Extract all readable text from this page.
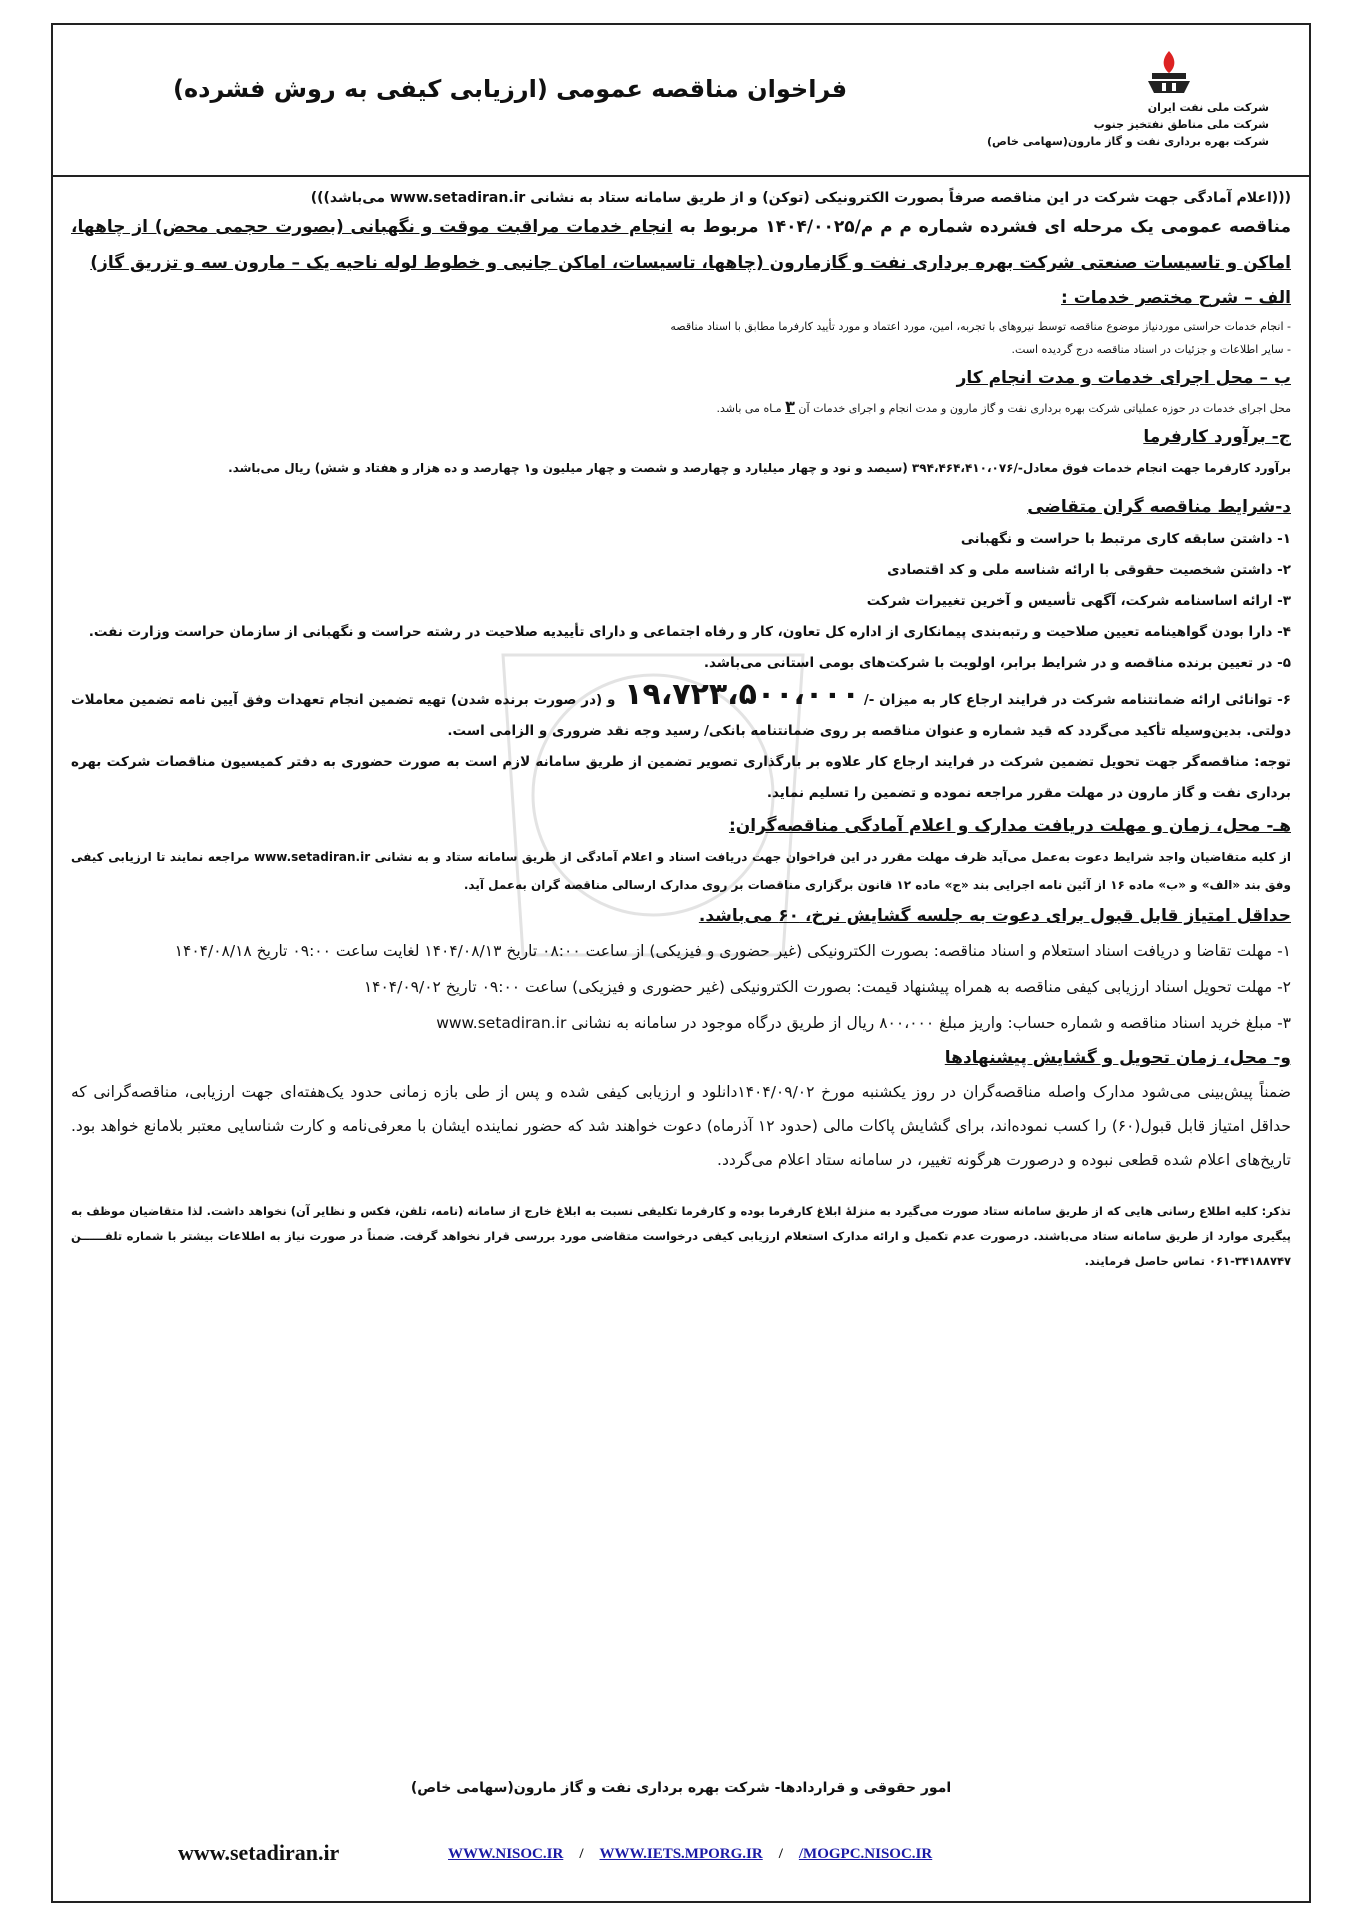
شرکت ملی نفت ایران
شرکت ملی مناطق نفتخیز جنوب
شرکت بهره برداری نفت و گاز مارون(سهامی خاص)
فراخوان مناقصه عمومی (ارزیابی کیفی به روش فشرده)

(((اعلام آمادگی جهت شرکت در این مناقصه صرفاً بصورت الکترونیکی (توکن) و از طریق سامانه ستاد به نشانی www.setadiran.ir می‌باشد)))

مناقصه عمومی یک مرحله ای فشرده شماره م م م/۱۴۰۴/۰۰۲۵ مربوط به انجام خدمات مراقبت موقت و نگهبانی (بصورت حجمی محض) از چاهها، اماکن و تاسیسات صنعتی شرکت بهره برداری نفت و گازمارون (چاهها، تاسیسات، اماکن جانبی و خطوط لوله ناحیه یک – مارون سه و تزریق گاز)

الف – شرح مختصر خدمات :

- انجام خدمات حراستی موردنیاز موضوع مناقصه توسط نیروهای با تجربه، امین، مورد اعتماد و مورد تأیید کارفرما مطابق با اسناد مناقصه

- سایر اطلاعات و جزئیات در اسناد مناقصه درج گردیده است.

ب – محل اجرای خدمات و مدت انجام کار

محل اجرای خدمات در حوزه عملیاتی شرکت بهره برداری نفت و گاز مارون و مدت انجام و اجرای خدمات آن ۳ مـاه می باشد.

ج- برآورد کارفرما

برآورد کارفرما جهت انجام خدمات فوق معادل-/۳۹۴،۴۶۴،۴۱۰،۰۷۶ (سیصد و نود و چهار میلیارد و چهارصد و شصت و چهار میلیون و۱ چهارصد و ده هزار و هفتاد و شش) ریال می‌باشد.

د-شرایط مناقصه گران متقاضی

۱- داشتن سابقه کاری مرتبط با حراست و نگهبانی

۲- داشتن شخصیت حقوقی با ارائه شناسه ملی و کد اقتصادی

۳- ارائه اساسنامه شرکت، آگهی تأسیس و آخرین تغییرات شرکت

۴- دارا بودن گواهینامه تعیین صلاحیت و رتبه‌بندی پیمانکاری از اداره کل تعاون، کار و رفاه اجتماعی و دارای تأییدیه صلاحیت در رشته حراست و نگهبانی از سازمان حراست وزارت نفت.

۵- در تعیین برنده مناقصه و در شرایط برابر، اولویت با شرکت‌های بومی استانی می‌باشد.

۶- توانائی ارائه ضمانتنامه شرکت در فرایند ارجاع کار به میزان -/۱۹،۷۲۳،۵۰۰،۰۰۰ و (در صورت برنده شدن) تهیه تضمین انجام تعهدات وفق آیین نامه تضمین معاملات دولتی. بدین‌وسیله تأکید می‌گردد که قید شماره و عنوان مناقصه بر روی ضمانتنامه بانکی/ رسید وجه نقد ضروری و الزامی است.

توجه: مناقصه‌گر جهت تحویل تضمین شرکت در فرایند ارجاع کار علاوه بر بارگذاری تصویر تضمین از طریق سامانه لازم است به صورت حضوری به دفتر کمیسیون مناقصات شرکت بهره برداری نفت و گاز مارون در مهلت مقرر مراجعه نموده و تضمین را تسلیم نماید.

هـ- محل، زمان و مهلت دریافت مدارک و اعلام آمادگی مناقصه‌گران:

از کلیه متقاضیان واجد شرایط دعوت به‌عمل می‌آید ظرف مهلت مقرر در این فراخوان جهت دریافت اسناد و اعلام آمادگی از طریق سامانه ستاد و به نشانی www.setadiran.ir مراجعه نمایند تا ارزیابی کیفی وفق بند «الف» و «ب» ماده ۱۶ از آئین نامه اجرایی بند «ج» ماده ۱۲ قانون برگزاری مناقصات بر روی مدارک ارسالی مناقصه گران به‌عمل آید.

حداقل امتیاز قابل قبول برای دعوت به جلسه گشایش نرخ، ۶۰ می‌باشد.

۱- مهلت تقاضا و دریافت اسناد استعلام و اسناد مناقصه: بصورت الکترونیکی (غیر حضوری و فیزیکی) از ساعت ۰۸:۰۰ تاریخ ۱۴۰۴/۰۸/۱۳ لغایت ساعت ۰۹:۰۰ تاریخ ۱۴۰۴/۰۸/۱۸

۲- مهلت تحویل اسناد ارزیابی کیفی مناقصه به همراه پیشنهاد قیمت: بصورت الکترونیکی (غیر حضوری و فیزیکی) ساعت ۰۹:۰۰ تاریخ ۱۴۰۴/۰۹/۰۲

۳- مبلغ خرید اسناد مناقصه و شماره حساب: واریز مبلغ ۸۰۰،۰۰۰ ریال از طریق درگاه موجود در سامانه به نشانی www.setadiran.ir

و- محل، زمان تحویل و گشایش پیشنهادها

ضمناً پیش‌بینی می‌شود مدارک واصله مناقصه‌گران در روز یکشنبه مورخ ۱۴۰۴/۰۹/۰۲دانلود و ارزیابی کیفی شده و پس از طی بازه زمانی حدود یک‌هفته‌ای جهت ارزیابی، مناقصه‌گرانی که حداقل امتیاز قابل قبول(۶۰) را کسب نموده‌اند، برای گشایش پاکات مالی (حدود ۱۲ آذرماه) دعوت خواهند شد که حضور نماینده ایشان با معرفی‌نامه و کارت شناسایی معتبر بلامانع خواهد بود. تاریخ‌های اعلام شده قطعی نبوده و درصورت هرگونه تغییر، در سامانه ستاد اعلام می‌گردد.

تذکر: کلیه اطلاع رسانی هایی که از طریق سامانه ستاد صورت می‌گیرد به منزلهٔ ابلاغ کارفرما بوده و کارفرما تکلیفی نسبت به ابلاغ خارج از سامانه (نامه، تلفن، فکس و نظایر آن) نخواهد داشت. لذا متقاضیان موظف به پیگیری موارد از طریق سامانه ستاد می‌باشند. درصورت عدم تکمیل و ارائه مدارک استعلام ارزیابی کیفی درخواست متقاضی مورد بررسی قرار نخواهد گرفت. ضمناً در صورت نیاز به اطلاعات بیشتر با شماره تلفــــــن ۳۴۱۸۸۷۴۷-۰۶۱ تماس حاصل فرمایند.

امور حقوقی و قراردادها- شرکت بهره برداری نفت و گاز مارون(سهامی خاص)
www.setadiran.ir	WWW.NISOC.IR / WWW.IETS.MPORG.IR / /MOGPC.NISOC.IR
